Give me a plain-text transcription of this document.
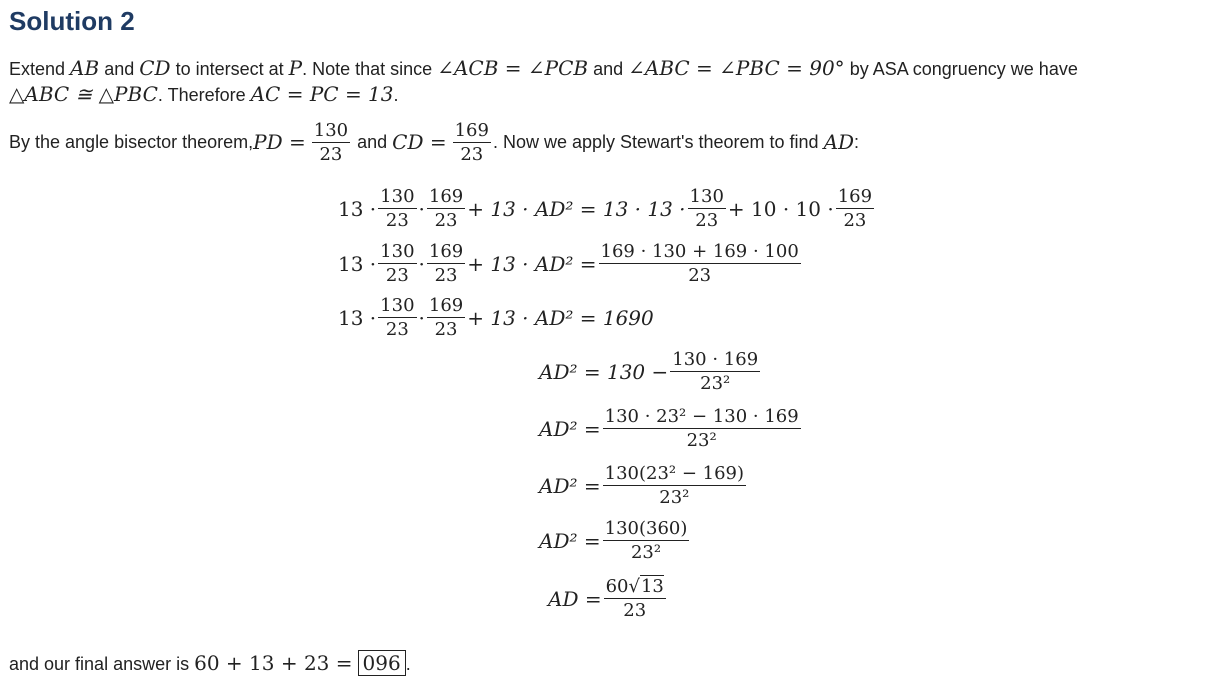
Solution 2
Extend AB and CD to intersect at P. Note that since ∠ACB = ∠PCB and ∠ABC = ∠PBC = 90° by ASA congruency we have
△ABC ≅ △PBC. Therefore AC = PC = 13.
By the angle bisector theorem, PD = $\frac{130}{23}$ and CD = $\frac{169}{23}$ . Now we apply Stewart's theorem to find AD :
$13 \cdot \frac{130}{23} \cdot \frac{169}{23} + 13 \cdot AD^2 = 13 \cdot 13 \cdot \frac{130}{23} + 10 \cdot 10 \cdot \frac{169}{23}$
$13 \cdot \frac{130}{23} \cdot \frac{169}{23} + 13 \cdot AD^2 = \frac{169 \cdot 130 + 169 \cdot 100}{23}$
$13 \cdot \frac{130}{23} \cdot \frac{169}{23} + 13 \cdot AD^2 = 1690$
$AD^2 = 130 - \frac{130 \cdot 169}{\text{23²}}$
$AD^2 = \frac{\text{130 · 23² − 130 · 169}}{\text{23²}}$
$AD^2 = \frac{\text{130(23² − 169)}}{\text{23²}}$
$AD^2 = \frac{130(360)}{\text{23²}}$
AD = $\frac{60√13}{23}$
and our final answer is 60 + 13 + 23 = 096 .
